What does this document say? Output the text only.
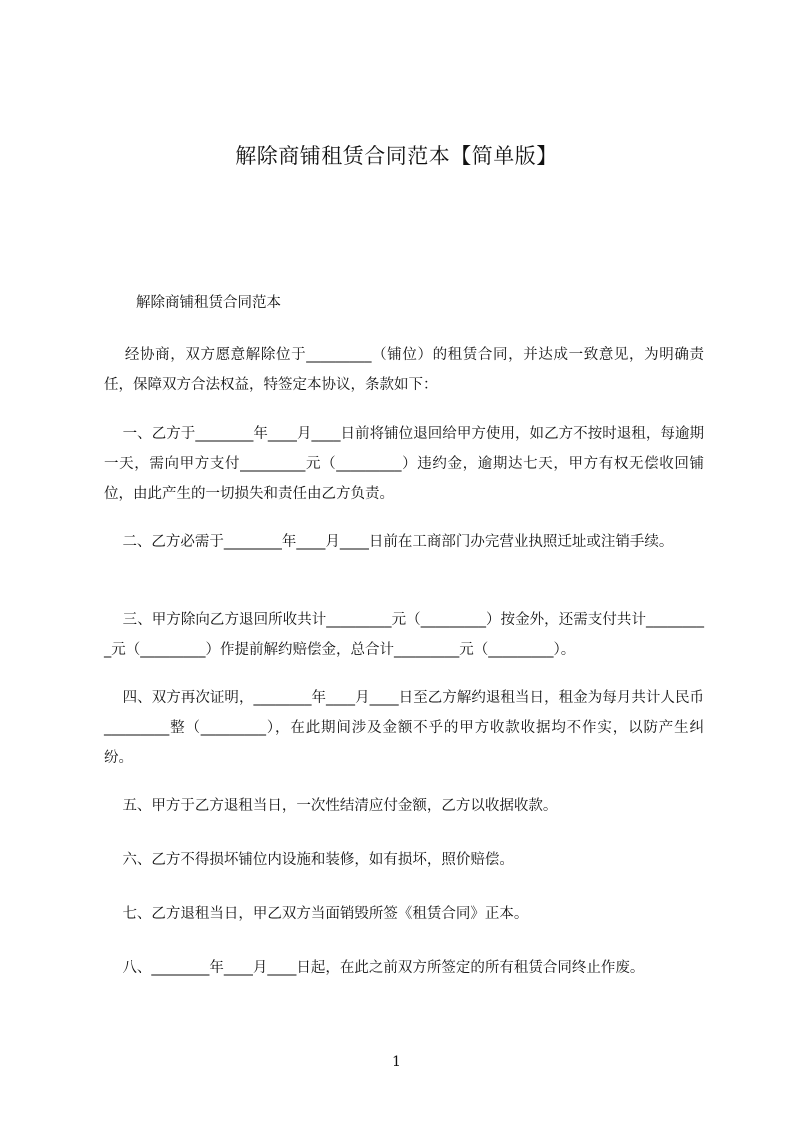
解除商铺租赁合同范本【简单版】

解除商铺租赁合同范本

经协商，双方愿意解除位于_________（铺位）的租赁合同，并达成一致意见，为明确责任，保障双方合法权益，特签定本协议，条款如下：

一、乙方于________年____月____日前将铺位退回给甲方使用，如乙方不按时退租，每逾期一天，需向甲方支付_________元（_________）违约金，逾期达七天，甲方有权无偿收回铺位，由此产生的一切损失和责任由乙方负责。

二、乙方必需于________年____月____日前在工商部门办完营业执照迁址或注销手续。

三、甲方除向乙方退回所收共计_________元（_________）按金外，还需支付共计_________元（_________）作提前解约赔偿金，总合计_________元（_________）。

四、双方再次证明，________年____月____日至乙方解约退租当日，租金为每月共计人民币_________整（_________），在此期间涉及金额不乎的甲方收款收据均不作实，以防产生纠纷。

五、甲方于乙方退租当日，一次性结清应付金额，乙方以收据收款。

六、乙方不得损坏铺位内设施和装修，如有损坏，照价赔偿。

七、乙方退租当日，甲乙双方当面销毁所签《租赁合同》正本。

八、________年____月____日起，在此之前双方所签定的所有租赁合同终止作废。

1
